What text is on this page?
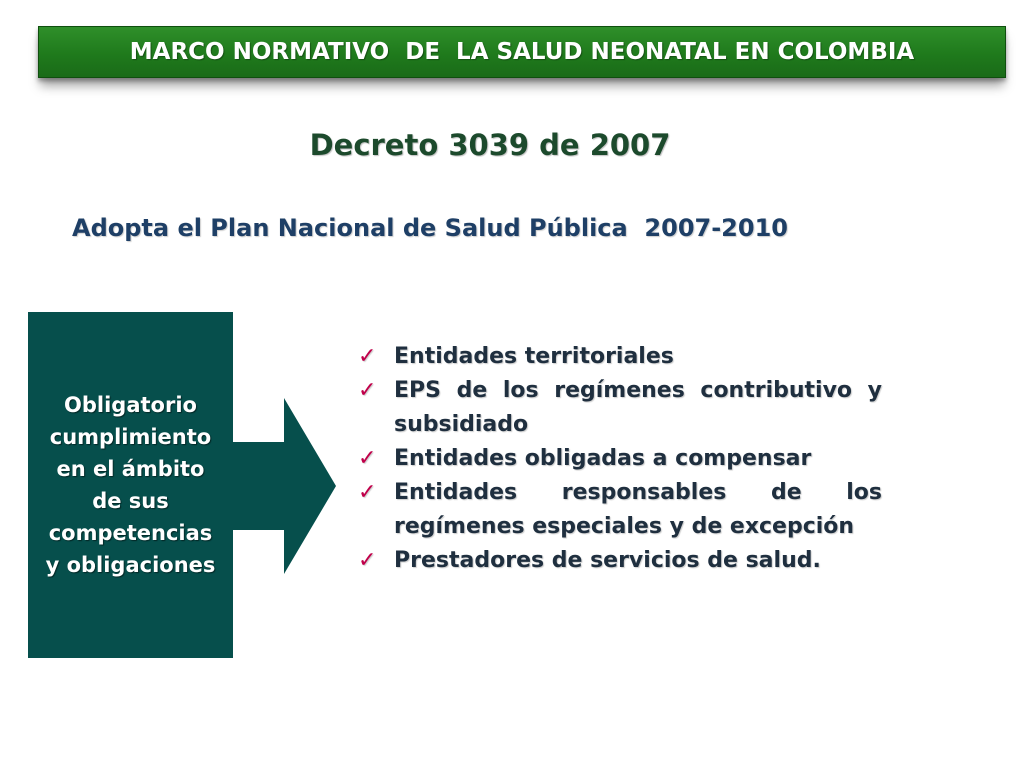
MARCO NORMATIVO  DE  LA SALUD NEONATAL EN COLOMBIA
Decreto 3039 de 2007
Adopta el Plan Nacional de Salud Pública  2007-2010
Obligatorio
cumplimiento
en el ámbito
de sus
competencias
y obligaciones
✓ Entidades territoriales
✓ EPS de los regímenes contributivo y subsidiado
✓ Entidades obligadas a compensar
✓ Entidades responsables de los regímenes especiales y de excepción
✓ Prestadores de servicios de salud.
